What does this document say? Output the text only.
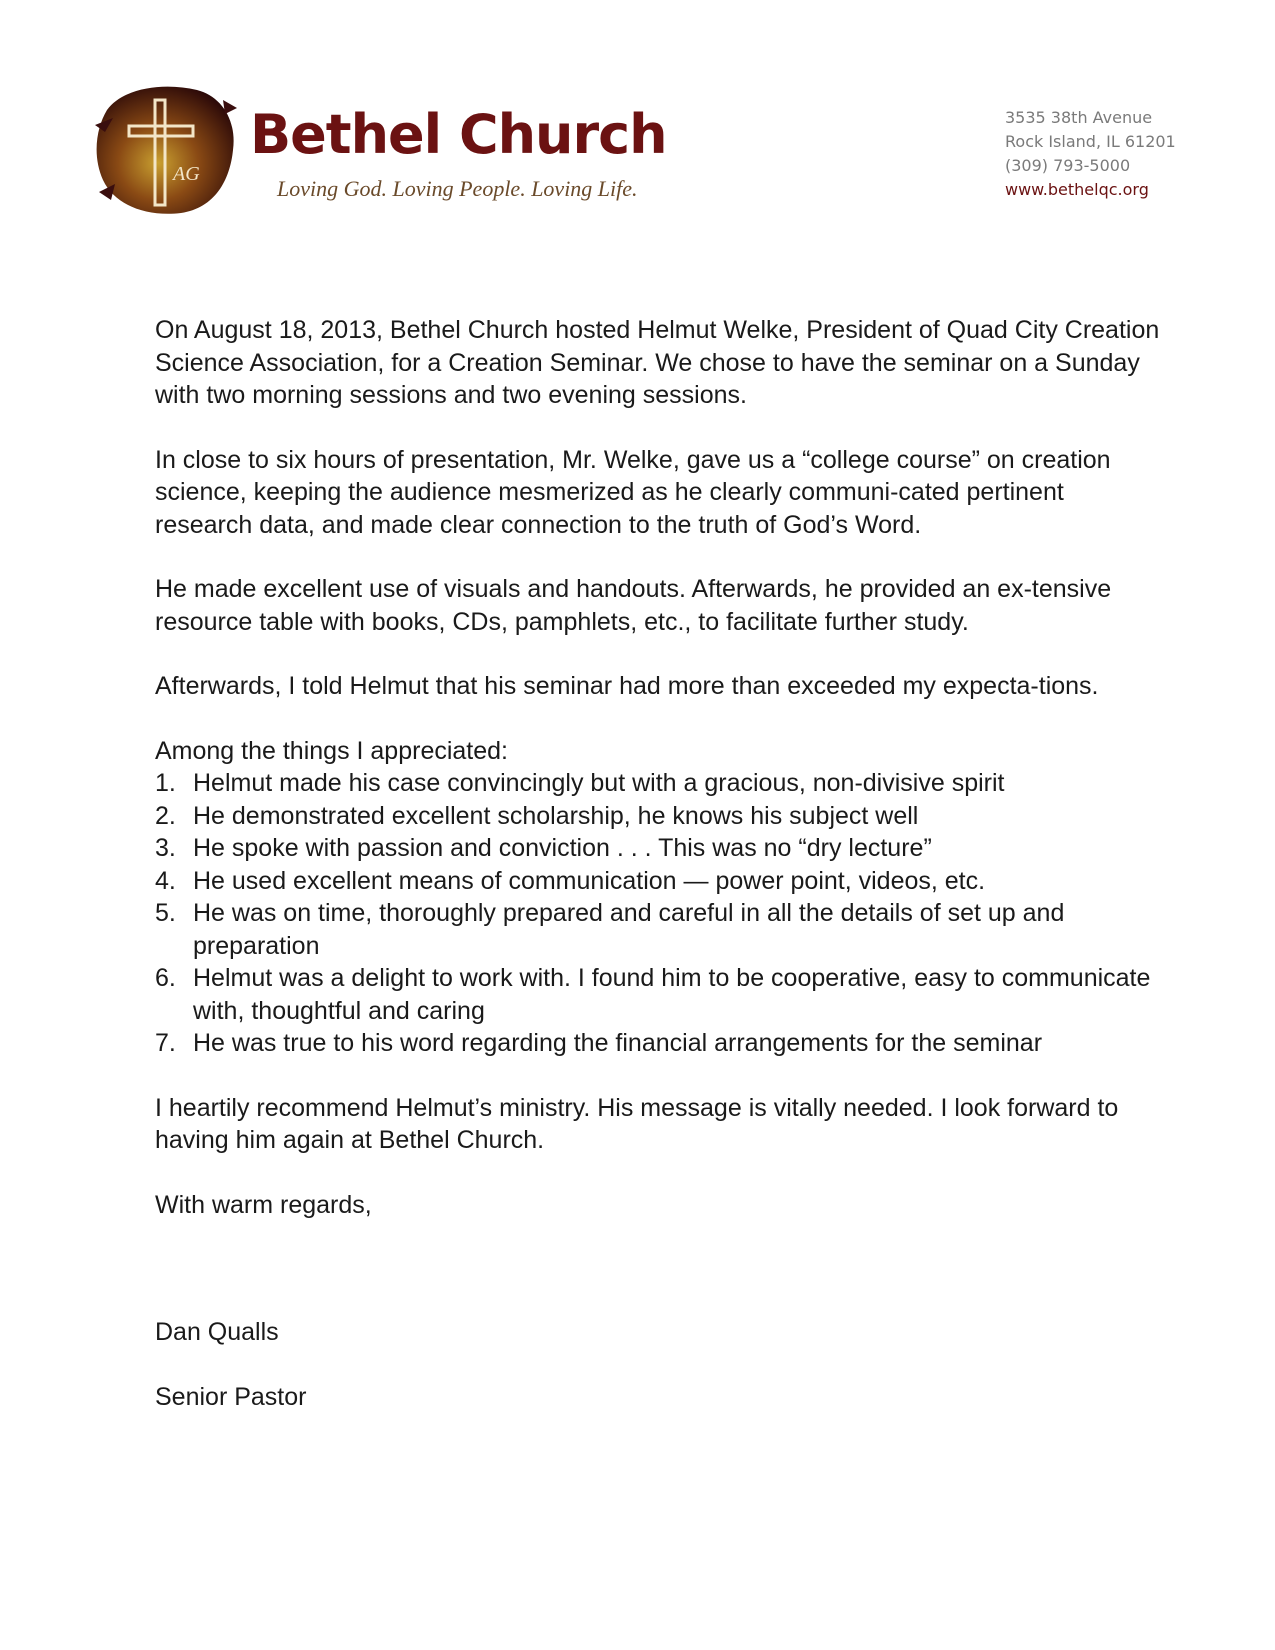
AG
Bethel Church
Loving God. Loving People. Loving Life.
3535 38th Avenue
Rock Island, IL 61201
(309) 793-5000
www.bethelqc.org

On August 18, 2013, Bethel Church hosted Helmut Welke, President of Quad City Creation Science Association, for a Creation Seminar. We chose to have the seminar on a Sunday with two morning sessions and two evening sessions.

In close to six hours of presentation, Mr. Welke, gave us a “college course” on creation science, keeping the audience mesmerized as he clearly communi-cated pertinent research data, and made clear connection to the truth of God’s Word.

He made excellent use of visuals and handouts. Afterwards, he provided an ex-tensive resource table with books, CDs, pamphlets, etc., to facilitate further study.

Afterwards, I told Helmut that his seminar had more than exceeded my expecta-tions.

Among the things I appreciated:

1. Helmut made his case convincingly but with a gracious, non-divisive spirit
2. He demonstrated excellent scholarship, he knows his subject well
3. He spoke with passion and conviction . . . This was no “dry lecture”
4. He used excellent means of communication — power point, videos, etc.
5. He was on time, thoroughly prepared and careful in all the details of set up and preparation
6. Helmut was a delight to work with. I found him to be cooperative, easy to communicate with, thoughtful and caring
7. He was true to his word regarding the financial arrangements for the seminar

I heartily recommend Helmut’s ministry. His message is vitally needed. I look forward to having him again at Bethel Church.

With warm regards,

Dan Qualls

Senior Pastor
